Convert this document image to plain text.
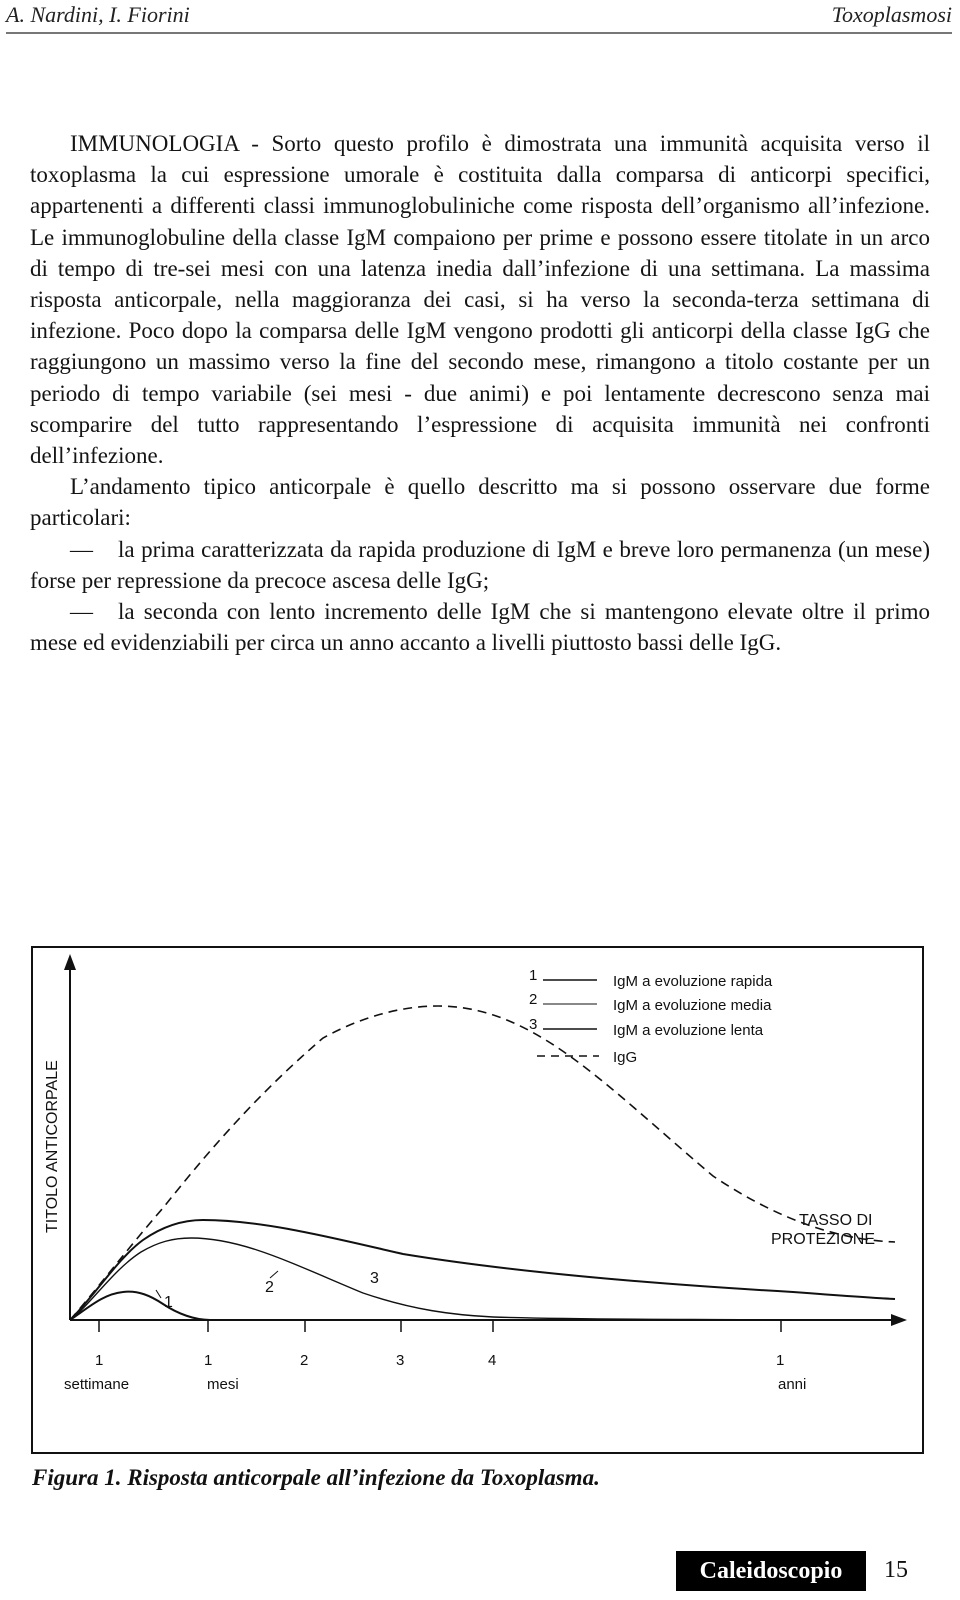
A. Nardini, I. Fiorini	Toxoplasmosi

IMMUNOLOGIA - Sorto questo profilo è dimostrata una immunità acquisita verso il toxoplasma la cui espressione umorale è costituita dalla comparsa di anticorpi specifici, appartenenti a differenti classi immunoglobuliniche come risposta dell’organismo all’infezione. Le immunoglobuline della classe IgM compaiono per prime e possono essere titolate in un arco di tempo di tre-sei mesi con una latenza inedia dall’infezione di una settimana. La massima risposta anticorpale, nella maggioranza dei casi, si ha verso la seconda-terza settimana di infezione. Poco dopo la comparsa delle IgM vengono prodotti gli anticorpi della classe IgG che raggiungono un massimo verso la fine del secondo mese, rimangono a titolo costante per un periodo di tempo variabile (sei mesi - due animi) e poi lentamente decrescono senza mai scomparire del tutto rappresentando l’espressione di acquisita immunità nei confronti dell’infezione.

L’andamento tipico anticorpale è quello descritto ma si possono osservare due forme particolari:

— la prima caratterizzata da rapida produzione di IgM e breve loro permanenza (un mese) forse per repressione da precoce ascesa delle IgG;

— la seconda con lento incremento delle IgM che si mantengono elevate oltre il primo mese ed evidenziabili per circa un anno accanto a livelli piuttosto bassi delle IgG.

TITOLO ANTICORPALE
1
2
3
TASSO DI
PROTEZIONE
1	1	2	3	4	1
settimane	mesi	anni
1	IgM a evoluzione rapida
2	IgM a evoluzione media
3	IgM a evoluzione lenta
IgG
Figura 1. Risposta anticorpale all’infezione da Toxoplasma.
Caleidoscopio	15
